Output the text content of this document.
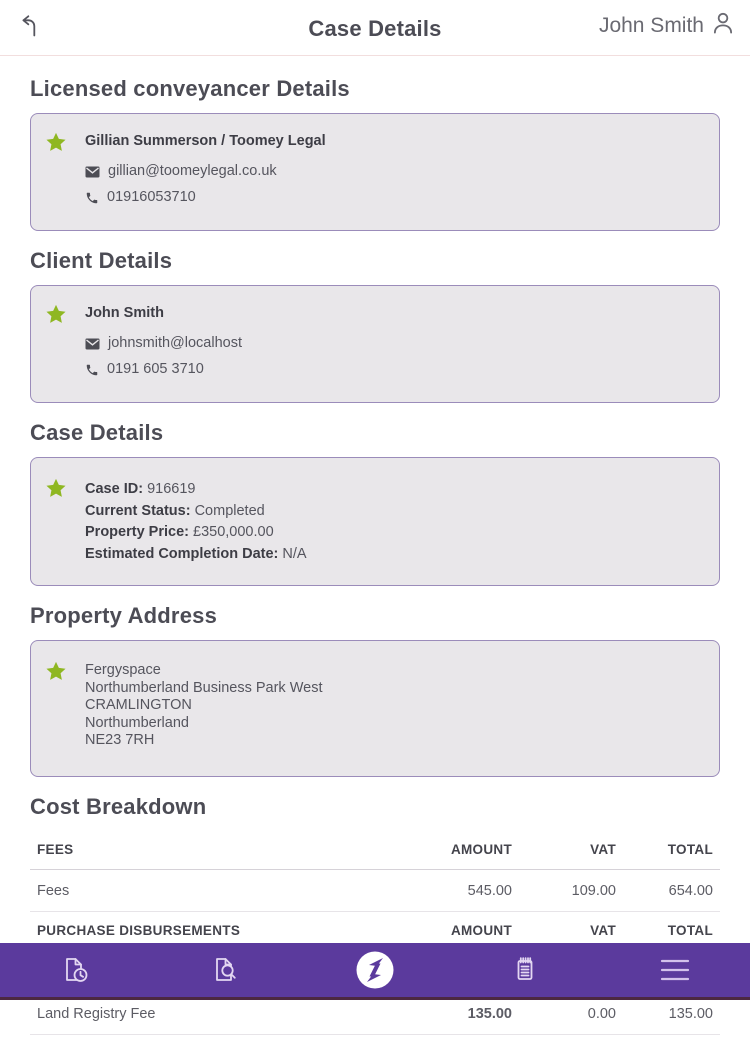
Case Details	John Smith
Licensed conveyancer Details
Gillian Summerson / Toomey Legal
gillian@toomeylegal.co.uk
01916053710
Client Details
John Smith
johnsmith@localhost
0191 605 3710
Case Details
Case ID: 916619
Current Status: Completed
Property Price: £350,000.00
Estimated Completion Date: N/A
Property Address
Fergyspace
Northumberland Business Park West
CRAMLINGTON
Northumberland
NE23 7RH
Cost Breakdown
FEES	AMOUNT	VAT	TOTAL
Fees	545.00	109.00	654.00
PURCHASE DISBURSEMENTS	AMOUNT	VAT	TOTAL

Land Registry Fee	135.00	0.00	135.00
